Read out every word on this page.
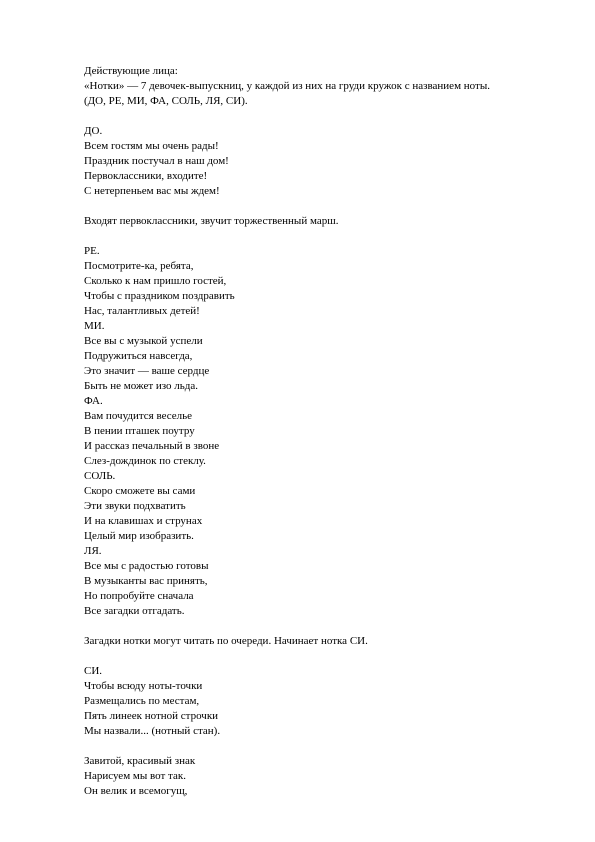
Действующие лица:

«Нотки» — 7 девочек-выпускниц, у каждой из них на груди кружок с названием ноты.

(ДО, РЕ, МИ, ФА, СОЛЬ, ЛЯ, СИ).

ДО.

Всем гостям мы очень рады!

Праздник постучал в наш дом!

Первоклассники, входите!

С нетерпеньем вас мы ждем!

Входят первоклассники, звучит торжественный марш.

РЕ.

Посмотрите-ка, ребята,

Сколько к нам пришло гостей,

Чтобы с праздником поздравить

Нас, талантливых детей!

МИ.

Все вы с музыкой успели

Подружиться навсегда,

Это значит — ваше сердце

Быть не может изо льда.

ФА.

Вам почудится веселье

В пении пташек поутру

И рассказ печальный в звоне

Слез-дождинок по стеклу.

СОЛЬ.

Скоро сможете вы сами

Эти звуки подхватить

И на клавишах и струнах

Целый мир изобразить.

ЛЯ.

Все мы с радостью готовы

В музыканты вас принять,

Но попробуйте сначала

Все загадки отгадать.

Загадки нотки могут читать по очереди. Начинает нотка СИ.

СИ.

Чтобы всюду ноты-точки

Размещались по местам,

Пять линеек нотной строчки

Мы назвали... (нотный стан).

Завитой, красивый знак

Нарисуем мы вот так.

Он велик и всемогущ,
